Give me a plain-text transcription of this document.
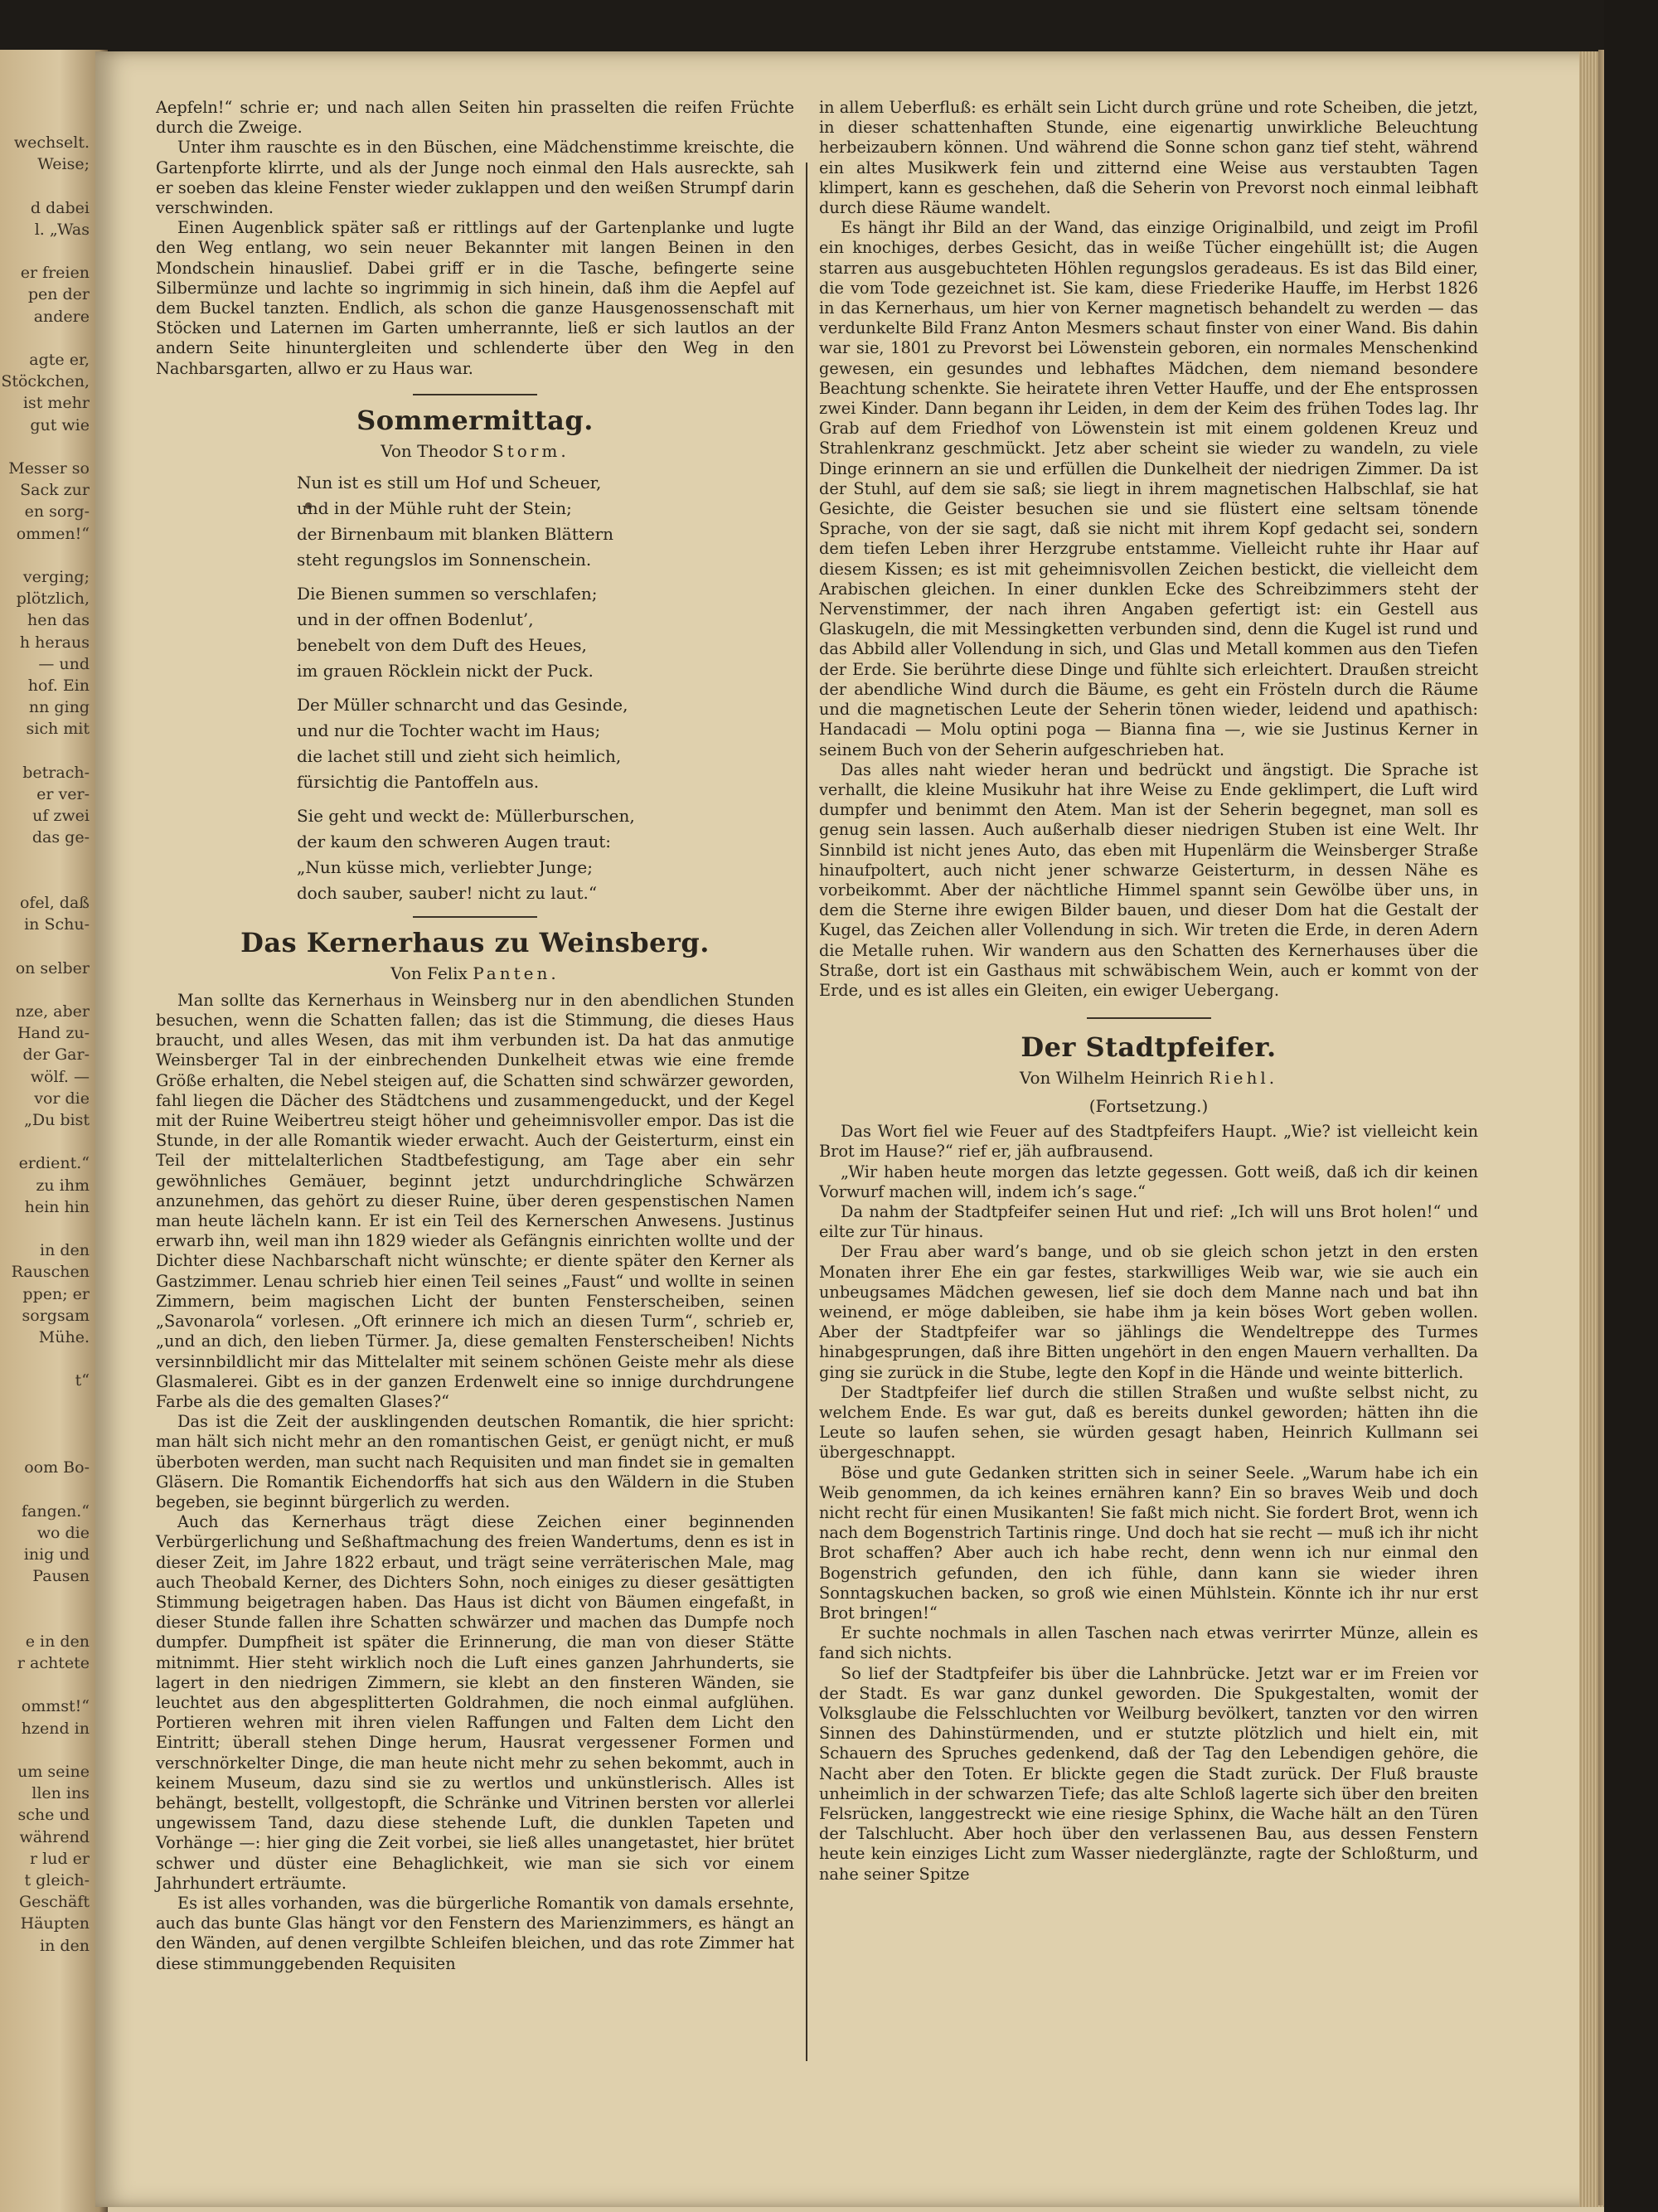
wechselt.
Weise;
d dabei
l. „Was
er freien
pen der
andere
agte er,
Stöckchen,
ist mehr
gut wie
Messer so
Sack zur
en sorg-
ommen!“
verging;
plötzlich,
hen das
h heraus
— und
hof. Ein
nn ging
sich mit
betrach-
er ver-
uf zwei
das ge-
ofel, daß
in Schu-
on selber
nze, aber
Hand zu-
der Gar-
wölf. —
vor die
„Du bist
erdient.“
zu ihm
hein hin
in den
Rauschen
ppen; er
sorgsam
Mühe.
t“
oom Bo-
fangen.“
wo die
inig und
Pausen
e in den
r achtete
ommst!“
hzend in
um seine
llen ins
sche und
während
r lud er
t gleich-
Geschäft
Häupten
in den

Aepfeln!“ schrie er; und nach allen Seiten hin prasselten die reifen Früchte durch die Zweige.

Unter ihm rauschte es in den Büschen, eine Mädchenstimme kreischte, die Gartenpforte klirrte, und als der Junge noch einmal den Hals ausreckte, sah er soeben das kleine Fenster wieder zuklappen und den weißen Strumpf darin verschwinden.

Einen Augenblick später saß er rittlings auf der Gartenplanke und lugte den Weg entlang, wo sein neuer Bekannter mit langen Beinen in den Mondschein hinauslief. Dabei griff er in die Tasche, befingerte seine Silbermünze und lachte so ingrimmig in sich hinein, daß ihm die Aepfel auf dem Buckel tanzten. Endlich, als schon die ganze Hausgenossenschaft mit Stöcken und Laternen im Garten umherrannte, ließ er sich lautlos an der andern Seite hinuntergleiten und schlenderte über den Weg in den Nachbarsgarten, allwo er zu Haus war.

Sommermittag.
Von Theodor Storm.
Nun ist es still um Hof und Scheuer,
und in der Mühle ruht der Stein;
der Birnenbaum mit blanken Blättern
steht regungslos im Sonnenschein.
Die Bienen summen so verschlafen;
und in der offnen Bodenlut’,
benebelt von dem Duft des Heues,
im grauen Röcklein nickt der Puck.
Der Müller schnarcht und das Gesinde,
und nur die Tochter wacht im Haus;
die lachet still und zieht sich heimlich,
fürsichtig die Pantoffeln aus.
Sie geht und weckt de: Müllerburschen,
der kaum den schweren Augen traut:
„Nun küsse mich, verliebter Junge;
doch sauber, sauber! nicht zu laut.“
Das Kernerhaus zu Weinsberg.
Von Felix Panten.

Man sollte das Kernerhaus in Weinsberg nur in den abendlichen Stunden besuchen, wenn die Schatten fallen; das ist die Stimmung, die dieses Haus braucht, und alles Wesen, das mit ihm verbunden ist. Da hat das anmutige Weinsberger Tal in der einbrechenden Dunkelheit etwas wie eine fremde Größe erhalten, die Nebel steigen auf, die Schatten sind schwärzer geworden, fahl liegen die Dächer des Städtchens und zusammengeduckt, und der Kegel mit der Ruine Weibertreu steigt höher und geheimnisvoller empor. Das ist die Stunde, in der alle Romantik wieder erwacht. Auch der Geisterturm, einst ein Teil der mittelalterlichen Stadtbefestigung, am Tage aber ein sehr gewöhnliches Gemäuer, beginnt jetzt undurchdringliche Schwärzen anzunehmen, das gehört zu dieser Ruine, über deren gespenstischen Namen man heute lächeln kann. Er ist ein Teil des Kernerschen Anwesens. Justinus erwarb ihn, weil man ihn 1829 wieder als Gefängnis einrichten wollte und der Dichter diese Nachbarschaft nicht wünschte; er diente später den Kerner als Gastzimmer. Lenau schrieb hier einen Teil seines „Faust“ und wollte in seinen Zimmern, beim magischen Licht der bunten Fensterscheiben, seinen „Savonarola“ vorlesen. „Oft erinnere ich mich an diesen Turm“, schrieb er, „und an dich, den lieben Türmer. Ja, diese gemalten Fensterscheiben! Nichts versinnbildlicht mir das Mittelalter mit seinem schönen Geiste mehr als diese Glasmalerei. Gibt es in der ganzen Erdenwelt eine so innige durchdrungene Farbe als die des gemalten Glases?“

Das ist die Zeit der ausklingenden deutschen Romantik, die hier spricht: man hält sich nicht mehr an den romantischen Geist, er genügt nicht, er muß überboten werden, man sucht nach Requisiten und man findet sie in gemalten Gläsern. Die Romantik Eichendorffs hat sich aus den Wäldern in die Stuben begeben, sie beginnt bürgerlich zu werden.

Auch das Kernerhaus trägt diese Zeichen einer beginnenden Verbürgerlichung und Seßhaftmachung des freien Wandertums, denn es ist in dieser Zeit, im Jahre 1822 erbaut, und trägt seine verräterischen Male, mag auch Theobald Kerner, des Dichters Sohn, noch einiges zu dieser gesättigten Stimmung beigetragen haben. Das Haus ist dicht von Bäumen eingefaßt, in dieser Stunde fallen ihre Schatten schwärzer und machen das Dumpfe noch dumpfer. Dumpfheit ist später die Erinnerung, die man von dieser Stätte mitnimmt. Hier steht wirklich noch die Luft eines ganzen Jahrhunderts, sie lagert in den niedrigen Zimmern, sie klebt an den finsteren Wänden, sie leuchtet aus den abgesplitterten Goldrahmen, die noch einmal aufglühen. Portieren wehren mit ihren vielen Raffungen und Falten dem Licht den Eintritt; überall stehen Dinge herum, Hausrat vergessener Formen und verschnörkelter Dinge, die man heute nicht mehr zu sehen bekommt, auch in keinem Museum, dazu sind sie zu wertlos und unkünstlerisch. Alles ist behängt, bestellt, vollgestopft, die Schränke und Vitrinen bersten vor allerlei ungewissem Tand, dazu diese stehende Luft, die dunklen Tapeten und Vorhänge —: hier ging die Zeit vorbei, sie ließ alles unangetastet, hier brütet schwer und düster eine Behaglichkeit, wie man sie sich vor einem Jahrhundert erträumte.

Es ist alles vorhanden, was die bürgerliche Romantik von damals ersehnte, auch das bunte Glas hängt vor den Fenstern des Marienzimmers, es hängt an den Wänden, auf denen vergilbte Schleifen bleichen, und das rote Zimmer hat diese stimmunggebenden Requisiten

in allem Ueberfluß: es erhält sein Licht durch grüne und rote Scheiben, die jetzt, in dieser schattenhaften Stunde, eine eigenartig unwirkliche Beleuchtung herbeizaubern können. Und während die Sonne schon ganz tief steht, während ein altes Musikwerk fein und zitternd eine Weise aus verstaubten Tagen klimpert, kann es geschehen, daß die Seherin von Prevorst noch einmal leibhaft durch diese Räume wandelt.

Es hängt ihr Bild an der Wand, das einzige Originalbild, und zeigt im Profil ein knochiges, derbes Gesicht, das in weiße Tücher eingehüllt ist; die Augen starren aus ausgebuchteten Höhlen regungslos geradeaus. Es ist das Bild einer, die vom Tode gezeichnet ist. Sie kam, diese Friederike Hauffe, im Herbst 1826 in das Kernerhaus, um hier von Kerner magnetisch behandelt zu werden — das verdunkelte Bild Franz Anton Mesmers schaut finster von einer Wand. Bis dahin war sie, 1801 zu Prevorst bei Löwenstein geboren, ein normales Menschenkind gewesen, ein gesundes und lebhaftes Mädchen, dem niemand besondere Beachtung schenkte. Sie heiratete ihren Vetter Hauffe, und der Ehe entsprossen zwei Kinder. Dann begann ihr Leiden, in dem der Keim des frühen Todes lag. Ihr Grab auf dem Friedhof von Löwenstein ist mit einem goldenen Kreuz und Strahlenkranz geschmückt. Jetz aber scheint sie wieder zu wandeln, zu viele Dinge erinnern an sie und erfüllen die Dunkelheit der niedrigen Zimmer. Da ist der Stuhl, auf dem sie saß; sie liegt in ihrem magnetischen Halbschlaf, sie hat Gesichte, die Geister besuchen sie und sie flüstert eine seltsam tönende Sprache, von der sie sagt, daß sie nicht mit ihrem Kopf gedacht sei, sondern dem tiefen Leben ihrer Herzgrube entstamme. Vielleicht ruhte ihr Haar auf diesem Kissen; es ist mit geheimnisvollen Zeichen bestickt, die vielleicht dem Arabischen gleichen. In einer dunklen Ecke des Schreibzimmers steht der Nervenstimmer, der nach ihren Angaben gefertigt ist: ein Gestell aus Glaskugeln, die mit Messingketten verbunden sind, denn die Kugel ist rund und das Abbild aller Vollendung in sich, und Glas und Metall kommen aus den Tiefen der Erde. Sie berührte diese Dinge und fühlte sich erleichtert. Draußen streicht der abendliche Wind durch die Bäume, es geht ein Frösteln durch die Räume und die magnetischen Leute der Seherin tönen wieder, leidend und apathisch: Handacadi — Molu optini poga — Bianna fina —, wie sie Justinus Kerner in seinem Buch von der Seherin aufgeschrieben hat.

Das alles naht wieder heran und bedrückt und ängstigt. Die Sprache ist verhallt, die kleine Musikuhr hat ihre Weise zu Ende geklimpert, die Luft wird dumpfer und benimmt den Atem. Man ist der Seherin begegnet, man soll es genug sein lassen. Auch außerhalb dieser niedrigen Stuben ist eine Welt. Ihr Sinnbild ist nicht jenes Auto, das eben mit Hupenlärm die Weinsberger Straße hinaufpoltert, auch nicht jener schwarze Geisterturm, in dessen Nähe es vorbeikommt. Aber der nächtliche Himmel spannt sein Gewölbe über uns, in dem die Sterne ihre ewigen Bilder bauen, und dieser Dom hat die Gestalt der Kugel, das Zeichen aller Vollendung in sich. Wir treten die Erde, in deren Adern die Metalle ruhen. Wir wandern aus den Schatten des Kernerhauses über die Straße, dort ist ein Gasthaus mit schwäbischem Wein, auch er kommt von der Erde, und es ist alles ein Gleiten, ein ewiger Uebergang.

Der Stadtpfeifer.
Von Wilhelm Heinrich Riehl.
(Fortsetzung.)

Das Wort fiel wie Feuer auf des Stadtpfeifers Haupt. „Wie? ist vielleicht kein Brot im Hause?“ rief er, jäh aufbrausend.

„Wir haben heute morgen das letzte gegessen. Gott weiß, daß ich dir keinen Vorwurf machen will, indem ich’s sage.“

Da nahm der Stadtpfeifer seinen Hut und rief: „Ich will uns Brot holen!“ und eilte zur Tür hinaus.

Der Frau aber ward’s bange, und ob sie gleich schon jetzt in den ersten Monaten ihrer Ehe ein gar festes, starkwilliges Weib war, wie sie auch ein unbeugsames Mädchen gewesen, lief sie doch dem Manne nach und bat ihn weinend, er möge dableiben, sie habe ihm ja kein böses Wort geben wollen. Aber der Stadtpfeifer war so jählings die Wendeltreppe des Turmes hinabgesprungen, daß ihre Bitten ungehört in den engen Mauern verhallten. Da ging sie zurück in die Stube, legte den Kopf in die Hände und weinte bitterlich.

Der Stadtpfeifer lief durch die stillen Straßen und wußte selbst nicht, zu welchem Ende. Es war gut, daß es bereits dunkel geworden; hätten ihn die Leute so laufen sehen, sie würden gesagt haben, Heinrich Kullmann sei übergeschnappt.

Böse und gute Gedanken stritten sich in seiner Seele. „Warum habe ich ein Weib genommen, da ich keines ernähren kann? Ein so braves Weib und doch nicht recht für einen Musikanten! Sie faßt mich nicht. Sie fordert Brot, wenn ich nach dem Bogenstrich Tartinis ringe. Und doch hat sie recht — muß ich ihr nicht Brot schaffen? Aber auch ich habe recht, denn wenn ich nur einmal den Bogenstrich gefunden, den ich fühle, dann kann sie wieder ihren Sonntagskuchen backen, so groß wie einen Mühlstein. Könnte ich ihr nur erst Brot bringen!“

Er suchte nochmals in allen Taschen nach etwas verirrter Münze, allein es fand sich nichts.

So lief der Stadtpfeifer bis über die Lahnbrücke. Jetzt war er im Freien vor der Stadt. Es war ganz dunkel geworden. Die Spukgestalten, womit der Volksglaube die Felsschluchten vor Weilburg bevölkert, tanzten vor den wirren Sinnen des Dahinstürmenden, und er stutzte plötzlich und hielt ein, mit Schauern des Spruches gedenkend, daß der Tag den Lebendigen gehöre, die Nacht aber den Toten. Er blickte gegen die Stadt zurück. Der Fluß brauste unheimlich in der schwarzen Tiefe; das alte Schloß lagerte sich über den breiten Felsrücken, langgestreckt wie eine riesige Sphinx, die Wache hält an den Türen der Talschlucht. Aber hoch über den verlassenen Bau, aus dessen Fenstern heute kein einziges Licht zum Wasser niederglänzte, ragte der Schloßturm, und nahe seiner Spitze
